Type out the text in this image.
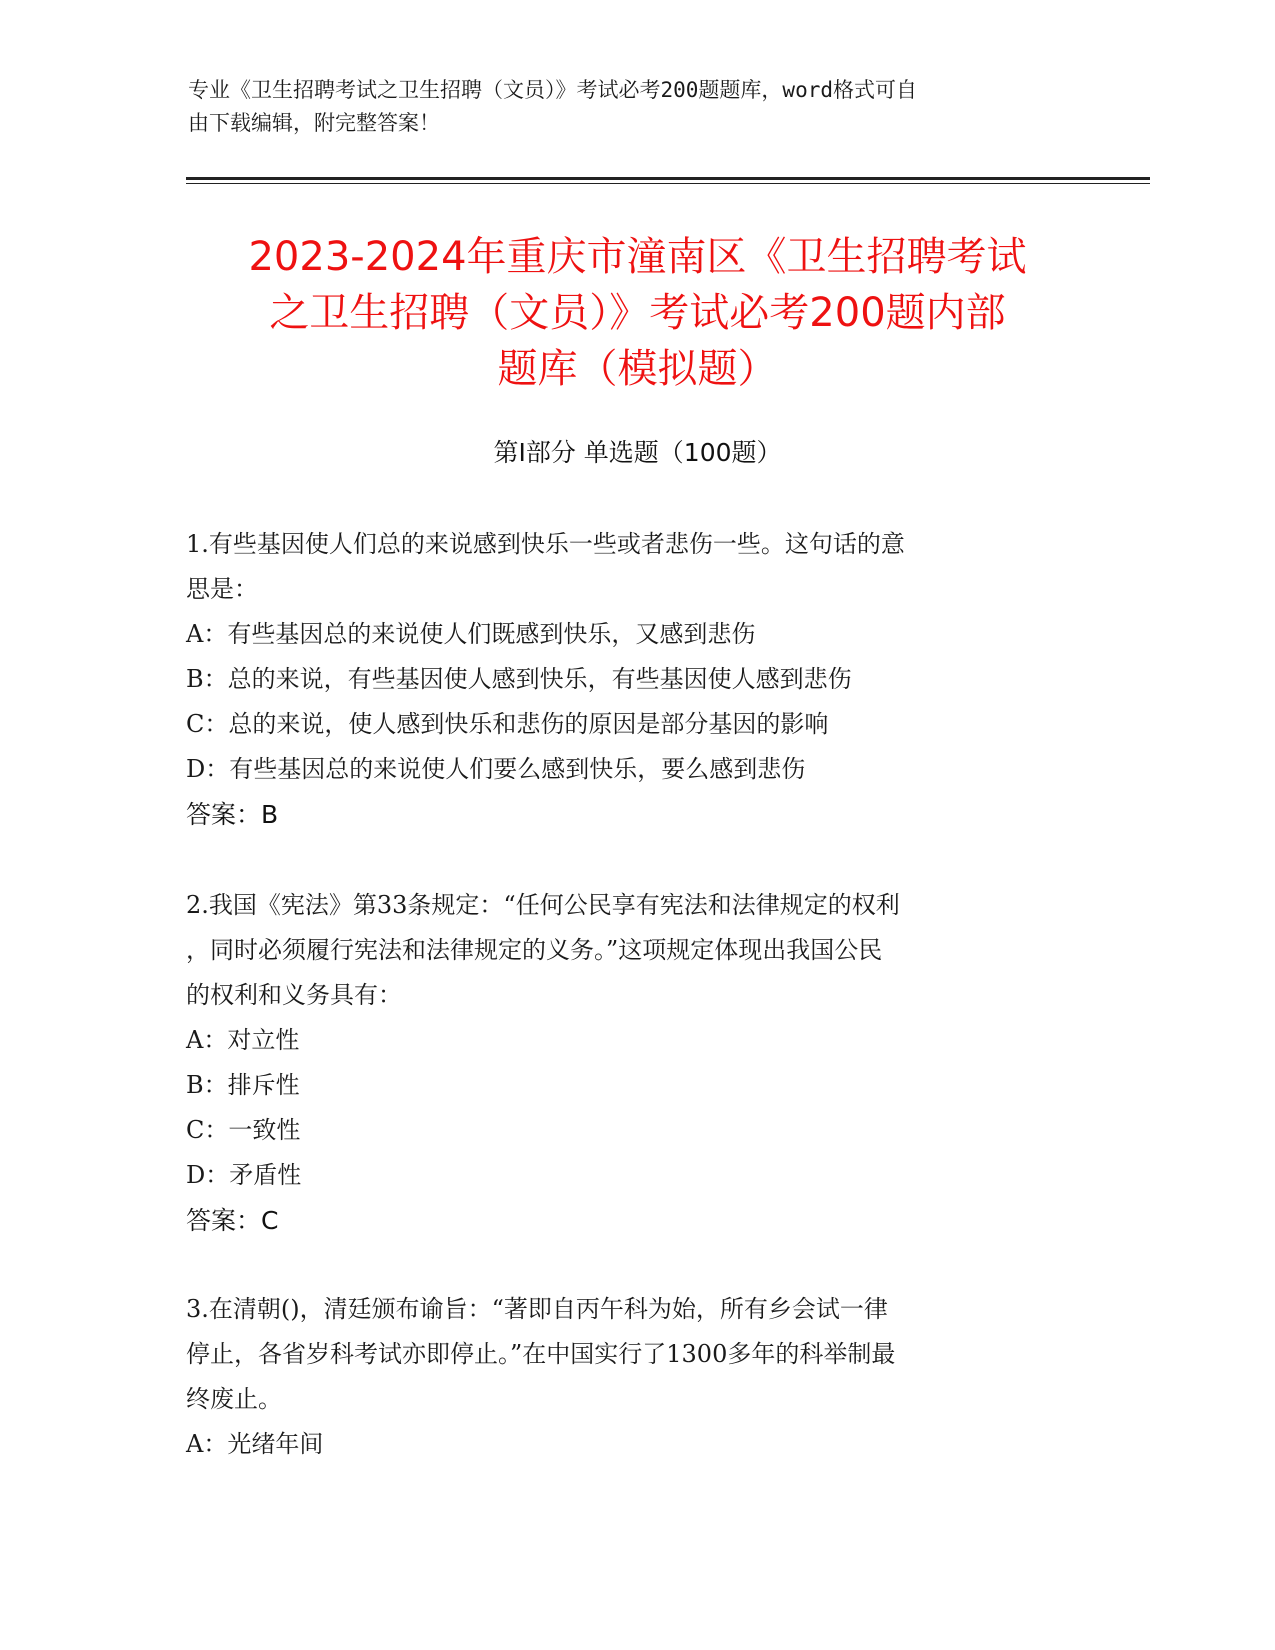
专业《卫生招聘考试之卫生招聘（文员）》考试必考200题题库，word格式可自
由下载编辑，附完整答案！
2023-2024年重庆市潼南区《卫生招聘考试
之卫生招聘（文员）》考试必考200题内部
题库（模拟题）
第Ⅰ部分 单选题（100题）
1.有些基因使人们总的来说感到快乐一些或者悲伤一些。这句话的意
思是：
A：有些基因总的来说使人们既感到快乐，又感到悲伤
B：总的来说，有些基因使人感到快乐，有些基因使人感到悲伤
C：总的来说，使人感到快乐和悲伤的原因是部分基因的影响
D：有些基因总的来说使人们要么感到快乐，要么感到悲伤
答案：B
2.我国《宪法》第33条规定：“任何公民享有宪法和法律规定的权利
，同时必须履行宪法和法律规定的义务。”这项规定体现出我国公民
的权利和义务具有：
A：对立性
B：排斥性
C：一致性
D：矛盾性
答案：C
3.在清朝()，清廷颁布谕旨：“著即自丙午科为始，所有乡会试一律
停止，各省岁科考试亦即停止。”在中国实行了1300多年的科举制最
终废止。
A：光绪年间
